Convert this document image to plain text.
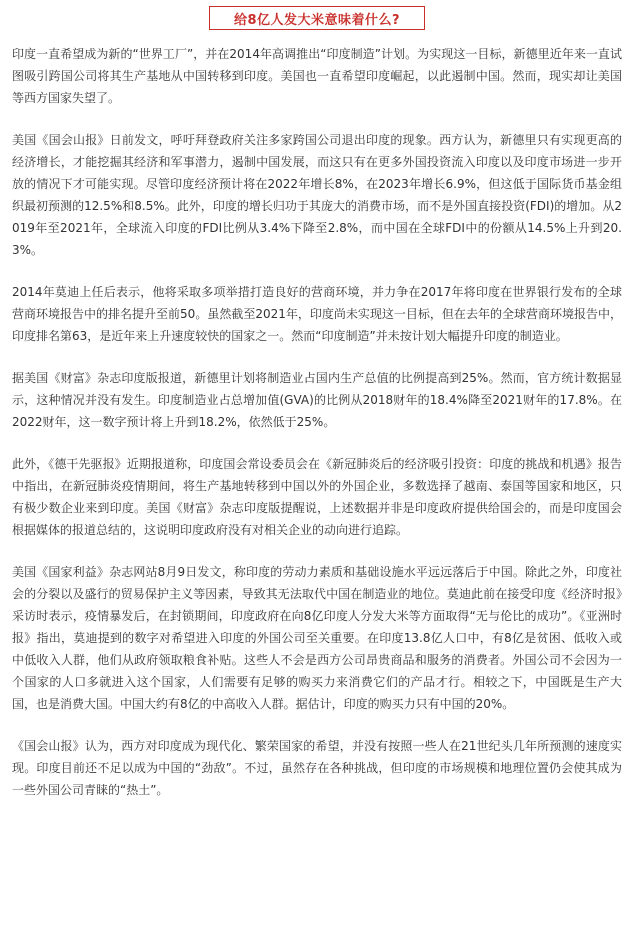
给8亿人发大米意味着什么?

印度一直希望成为新的“世界工厂”，并在2014年高调推出“印度制造”计划。为实现这一目标，新德里近年来一直试图吸引跨国公司将其生产基地从中国转移到印度。美国也一直希望印度崛起，以此遏制中国。然而，现实却让美国等西方国家失望了。

美国《国会山报》日前发文，呼吁拜登政府关注多家跨国公司退出印度的现象。西方认为，新德里只有实现更高的经济增长，才能挖掘其经济和军事潜力，遏制中国发展，而这只有在更多外国投资流入印度以及印度市场进一步开放的情况下才可能实现。尽管印度经济预计将在2022年增长8%，在2023年增长6.9%，但这低于国际货币基金组织最初预测的12.5%和8.5%。此外，印度的增长归功于其庞大的消费市场，而不是外国直接投资(FDI)的增加。从2019年至2021年，全球流入印度的FDI比例从3.4%下降至2.8%，而中国在全球FDI中的份额从14.5%上升到20.3%。

2014年莫迪上任后表示，他将采取多项举措打造良好的营商环境，并力争在2017年将印度在世界银行发布的全球营商环境报告中的排名提升至前50。虽然截至2021年，印度尚未实现这一目标，但在去年的全球营商环境报告中，印度排名第63，是近年来上升速度较快的国家之一。然而“印度制造”并未按计划大幅提升印度的制造业。

据美国《财富》杂志印度版报道，新德里计划将制造业占国内生产总值的比例提高到25%。然而，官方统计数据显示，这种情况并没有发生。印度制造业占总增加值(GVA)的比例从2018财年的18.4%降至2021财年的17.8%。在2022财年，这一数字预计将上升到18.2%，依然低于25%。

此外，《德干先驱报》近期报道称，印度国会常设委员会在《新冠肺炎后的经济吸引投资：印度的挑战和机遇》报告中指出，在新冠肺炎疫情期间，将生产基地转移到中国以外的外国企业，多数选择了越南、泰国等国家和地区，只有极少数企业来到印度。美国《财富》杂志印度版提醒说，上述数据并非是印度政府提供给国会的，而是印度国会根据媒体的报道总结的，这说明印度政府没有对相关企业的动向进行追踪。

美国《国家利益》杂志网站8月9日发文，称印度的劳动力素质和基础设施水平远远落后于中国。除此之外，印度社会的分裂以及盛行的贸易保护主义等因素，导致其无法取代中国在制造业的地位。莫迪此前在接受印度《经济时报》采访时表示，疫情暴发后，在封锁期间，印度政府在向8亿印度人分发大米等方面取得“无与伦比的成功”。《亚洲时报》指出，莫迪提到的数字对希望进入印度的外国公司至关重要。在印度13.8亿人口中，有8亿是贫困、低收入或中低收入人群，他们从政府领取粮食补贴。这些人不会是西方公司昂贵商品和服务的消费者。外国公司不会因为一个国家的人口多就进入这个国家，人们需要有足够的购买力来消费它们的产品才行。相较之下，中国既是生产大国，也是消费大国。中国大约有8亿的中高收入人群。据估计，印度的购买力只有中国的20%。

《国会山报》认为，西方对印度成为现代化、繁荣国家的希望，并没有按照一些人在21世纪头几年所预测的速度实现。印度目前还不足以成为中国的“劲敌”。不过，虽然存在各种挑战，但印度的市场规模和地理位置仍会使其成为一些外国公司青睐的“热土”。
